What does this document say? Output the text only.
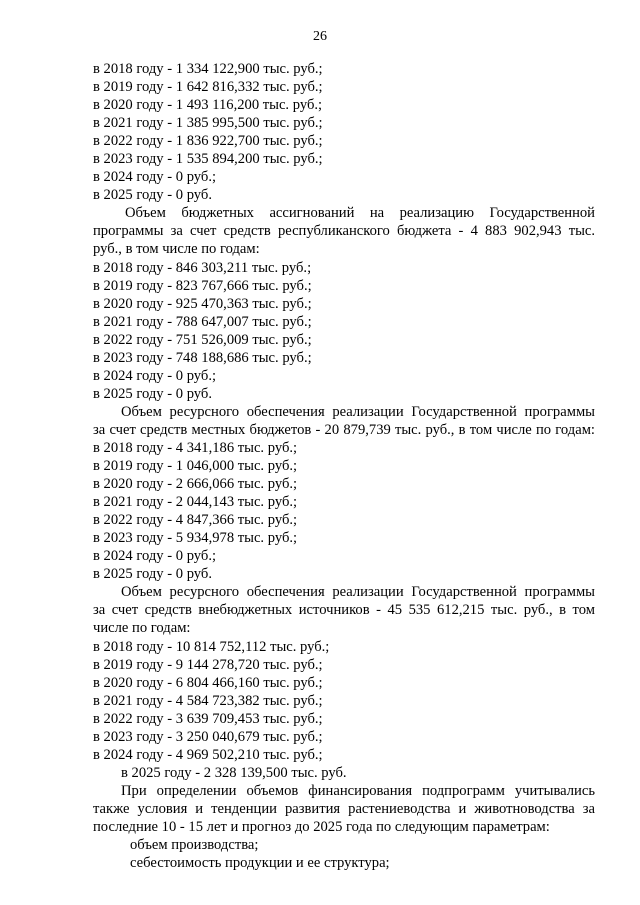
26
в 2018 году - 1 334 122,900 тыс. руб.;
в 2019 году - 1 642 816,332 тыс. руб.;
в 2020 году - 1 493 116,200 тыс. руб.;
в 2021 году - 1 385 995,500 тыс. руб.;
в 2022 году - 1 836 922,700 тыс. руб.;
в 2023 году - 1 535 894,200 тыс. руб.;
в 2024 году - 0 руб.;
в 2025 году - 0 руб.
Объем бюджетных ассигнований на реализацию Государственной
программы за счет средств республиканского бюджета - 4 883 902,943 тыс.
руб., в том числе по годам:
в 2018 году - 846 303,211 тыс. руб.;
в 2019 году - 823 767,666 тыс. руб.;
в 2020 году - 925 470,363 тыс. руб.;
в 2021 году - 788 647,007 тыс. руб.;
в 2022 году - 751 526,009 тыс. руб.;
в 2023 году - 748 188,686 тыс. руб.;
в 2024 году - 0 руб.;
в 2025 году - 0 руб.
Объем ресурсного обеспечения реализации Государственной программы
за счет средств местных бюджетов - 20 879,739 тыс. руб., в том числе по годам:
в 2018 году - 4 341,186 тыс. руб.;
в 2019 году - 1 046,000 тыс. руб.;
в 2020 году - 2 666,066 тыс. руб.;
в 2021 году - 2 044,143 тыс. руб.;
в 2022 году - 4 847,366 тыс. руб.;
в 2023 году - 5 934,978 тыс. руб.;
в 2024 году - 0 руб.;
в 2025 году - 0 руб.
Объем ресурсного обеспечения реализации Государственной программы
за счет средств внебюджетных источников - 45 535 612,215 тыс. руб., в том
числе по годам:
в 2018 году - 10 814 752,112 тыс. руб.;
в 2019 году - 9 144 278,720 тыс. руб.;
в 2020 году - 6 804 466,160 тыс. руб.;
в 2021 году - 4 584 723,382 тыс. руб.;
в 2022 году - 3 639 709,453 тыс. руб.;
в 2023 году - 3 250 040,679 тыс. руб.;
в 2024 году - 4 969 502,210 тыс. руб.;
в 2025 году - 2 328 139,500 тыс. руб.
При определении объемов финансирования подпрограмм учитывались
также условия и тенденции развития растениеводства и животноводства за
последние 10 - 15 лет и прогноз до 2025 года по следующим параметрам:
объем производства;
себестоимость продукции и ее структура;
